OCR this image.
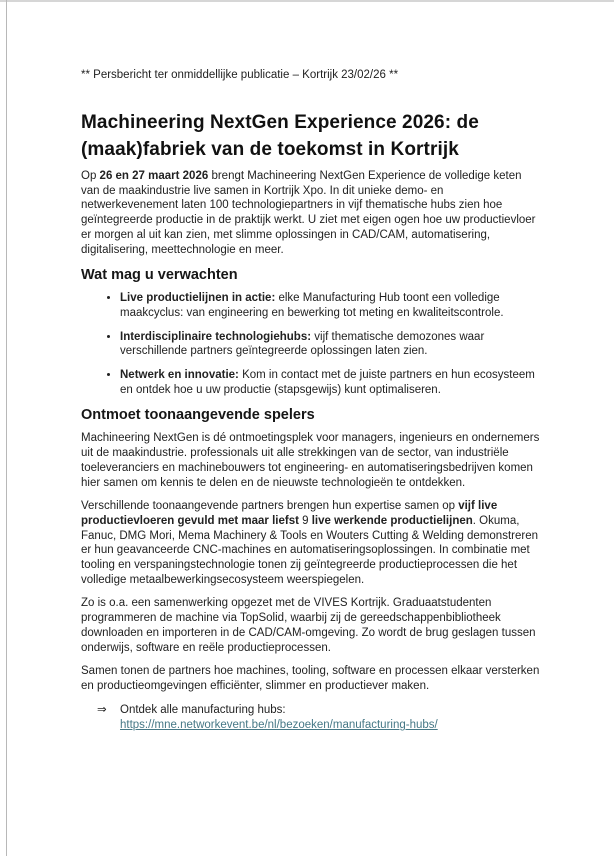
** Persbericht ter onmiddellijke publicatie – Kortrijk 23/02/26 **

Machineering NextGen Experience 2026: de (maak)fabriek van de toekomst in Kortrijk

Op 26 en 27 maart 2026 brengt Machineering NextGen Experience de volledige keten van de maakindustrie live samen in Kortrijk Xpo. In dit unieke demo- en netwerkevenement laten 100 technologiepartners in vijf thematische hubs zien hoe geïntegreerde productie in de praktijk werkt. U ziet met eigen ogen hoe uw productievloer er morgen al uit kan zien, met slimme oplossingen in CAD/CAM, automatisering, digitalisering, meettechnologie en meer.

Wat mag u verwachten
• Live productielijnen in actie: elke Manufacturing Hub toont een volledige maakcyclus: van engineering en bewerking tot meting en kwaliteitscontrole.
• Interdisciplinaire technologiehubs: vijf thematische demozones waar verschillende partners geïntegreerde oplossingen laten zien.
• Netwerk en innovatie: Kom in contact met de juiste partners en hun ecosysteem en ontdek hoe u uw productie (stapsgewijs) kunt optimaliseren.
Ontmoet toonaangevende spelers

Machineering NextGen is dé ontmoetingsplek voor managers, ingenieurs en ondernemers uit de maakindustrie. professionals uit alle strekkingen van de sector, van industriële toeleveranciers en machinebouwers tot engineering- en automatiseringsbedrijven komen hier samen om kennis te delen en de nieuwste technologieën te ontdekken.

Verschillende toonaangevende partners brengen hun expertise samen op vijf live productievloeren gevuld met maar liefst 9 live werkende productielijnen. Okuma, Fanuc, DMG Mori, Mema Machinery & Tools en Wouters Cutting & Welding demonstreren er hun geavanceerde CNC-machines en automatiseringsoplossingen. In combinatie met tooling en verspaningstechnologie tonen zij geïntegreerde productieprocessen die het volledige metaalbewerkingsecosysteem weerspiegelen.

Zo is o.a. een samenwerking opgezet met de VIVES Kortrijk. Graduaatstudenten programmeren de machine via TopSolid, waarbij zij de gereedschappenbibliotheek downloaden en importeren in de CAD/CAM-omgeving. Zo wordt de brug geslagen tussen onderwijs, software en reële productieprocessen.

Samen tonen de partners hoe machines, tooling, software en processen elkaar versterken en productieomgevingen efficiënter, slimmer en productiever maken.

⇒	Ontdek alle manufacturing hubs:
https://mne.networkevent.be/nl/bezoeken/manufacturing-hubs/
